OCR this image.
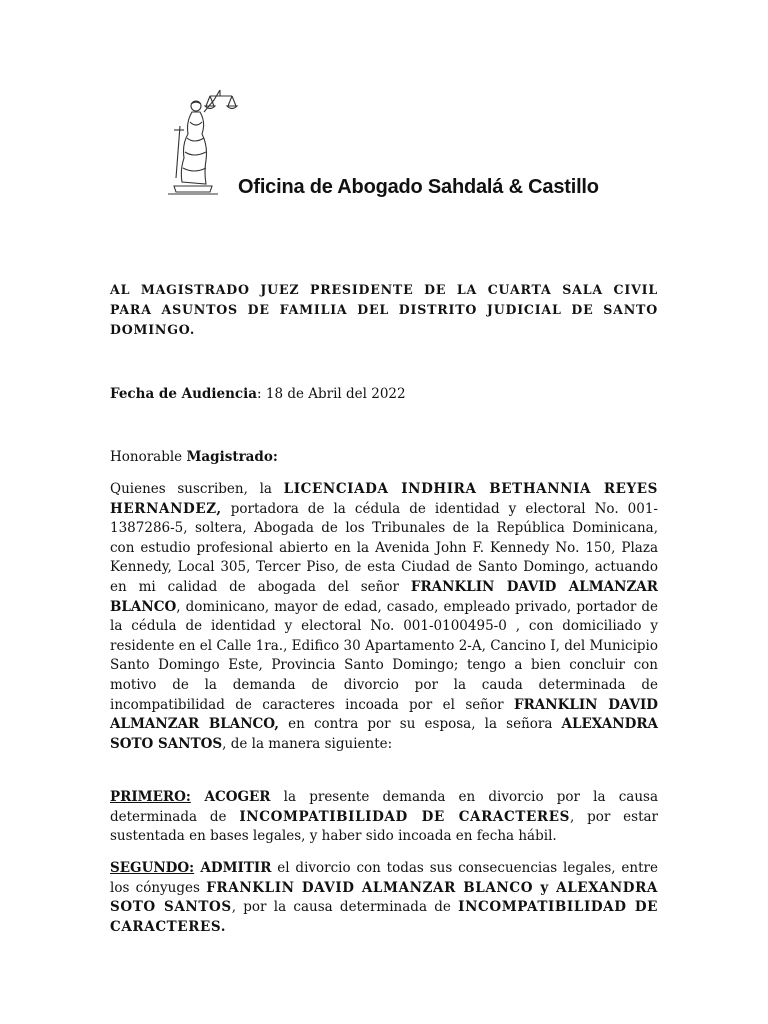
Oficina de Abogado Sahdalá & Castillo

AL MAGISTRADO JUEZ PRESIDENTE DE LA CUARTA SALA CIVIL PARA ASUNTOS DE FAMILIA DEL DISTRITO JUDICIAL DE SANTO DOMINGO.

Fecha de Audiencia: 18 de Abril del 2022

Honorable Magistrado:

Quienes suscriben, la LICENCIADA INDHIRA BETHANNIA REYES HERNANDEZ, portadora de la cédula de identidad y electoral No. 001-1387286-5, soltera, Abogada de los Tribunales de la República Dominicana, con estudio profesional abierto en la Avenida John F. Kennedy No. 150, Plaza Kennedy, Local 305, Tercer Piso, de esta Ciudad de Santo Domingo, actuando en mi calidad de abogada del señor FRANKLIN DAVID ALMANZAR BLANCO, dominicano, mayor de edad, casado, empleado privado, portador de la cédula de identidad y electoral No. 001-0100495-0 , con domiciliado y residente en el Calle 1ra., Edifico 30 Apartamento 2-A, Cancino I, del Municipio Santo Domingo Este, Provincia Santo Domingo; tengo a bien concluir con motivo de la demanda de divorcio por la cauda determinada de incompatibilidad de caracteres incoada por el señor FRANKLIN DAVID ALMANZAR BLANCO, en contra por su esposa, la señora ALEXANDRA SOTO SANTOS, de la manera siguiente:

PRIMERO: ACOGER la presente demanda en divorcio por la causa determinada de INCOMPATIBILIDAD DE CARACTERES, por estar sustentada en bases legales, y haber sido incoada en fecha hábil.

SEGUNDO: ADMITIR el divorcio con todas sus consecuencias legales, entre los cónyuges FRANKLIN DAVID ALMANZAR BLANCO y ALEXANDRA SOTO SANTOS, por la causa determinada de INCOMPATIBILIDAD DE CARACTERES.
